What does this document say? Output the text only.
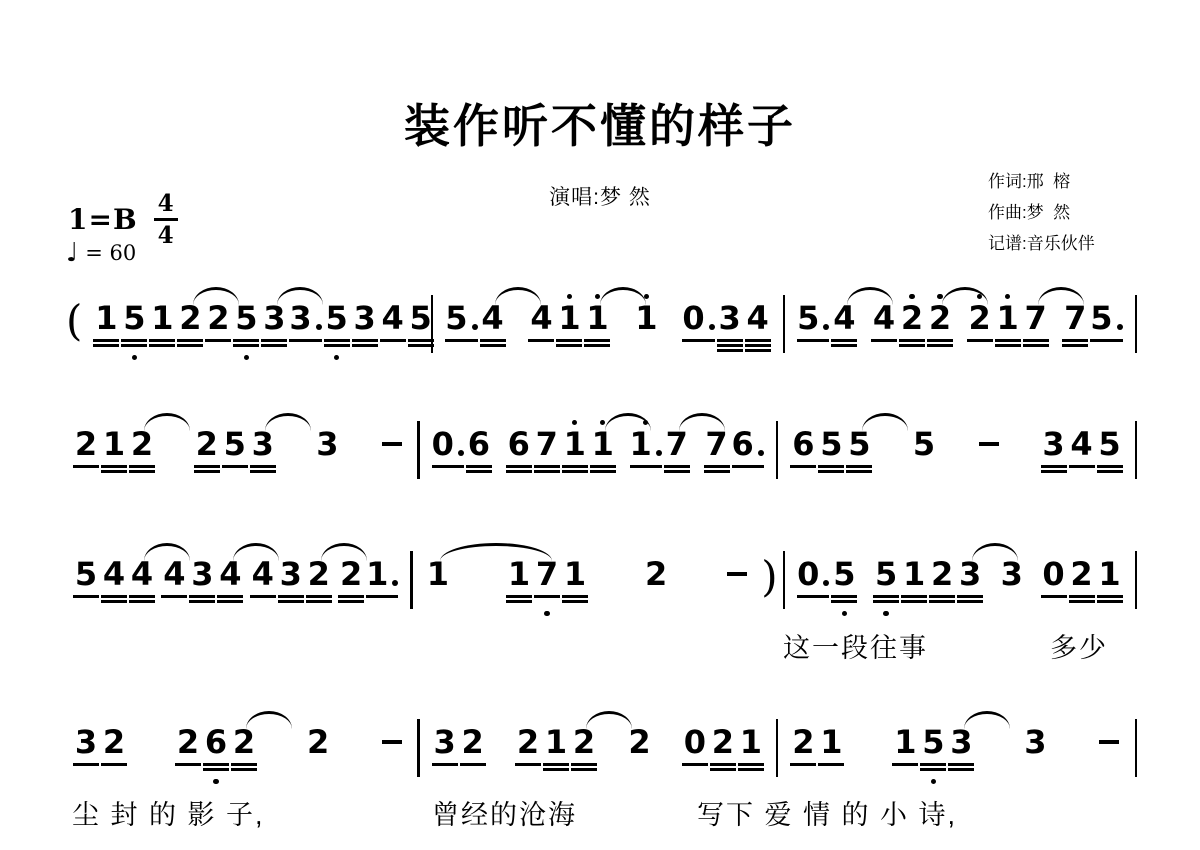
装作听不懂的样子
演唱:梦 然
作词:邢  榕
作曲:梦  然
记谱:音乐伙伴
$1=B \frac{4}{4}$
♩ = 60
( 1 5 1 2 2 5 3 3 5 3 4 5 5 4 4 1 1 1 0 3 4 5 4 4 2 2 2 1 7 7 5
2 1 2 2 5 3 3	0 6 6 7 1 1 1 7 7 6	6 5 5 5	3 4 5
5 4 4 4 3 4 4 3 2 2 1	1 1 7 1 2 ) 0 5 5 1 2 3 3 0 2 1
3 2 2 6 2 2	3 2 2 1 2 2 0 2 1 2 1 1 5 3 3
这一段往事	多少
尘 封 的 影 子,	曾经的沧海	写下 爱 情 的 小 诗,
